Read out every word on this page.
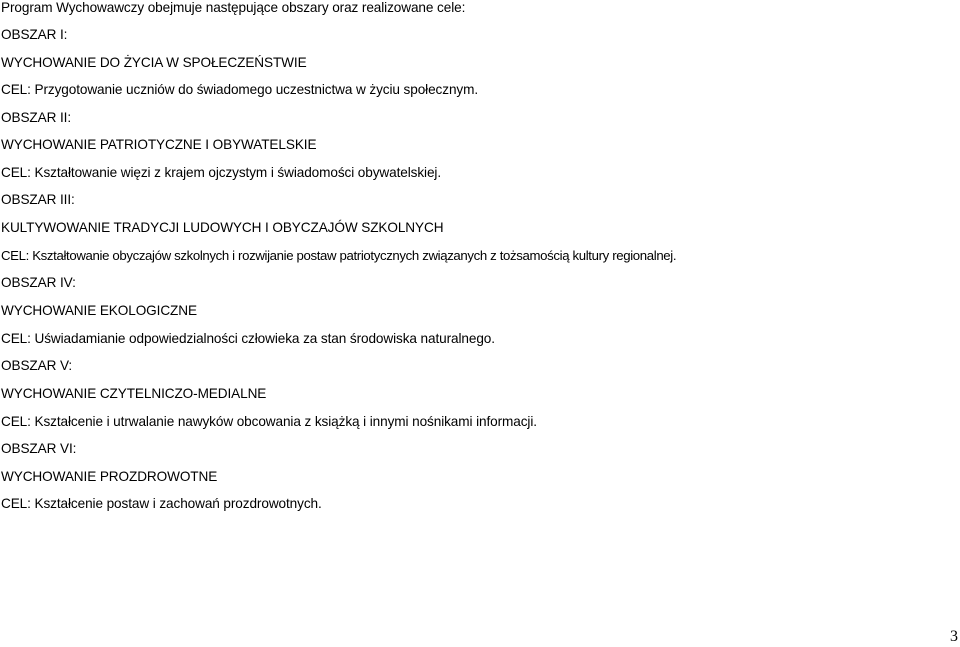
Program Wychowawczy obejmuje następujące obszary oraz realizowane cele:
OBSZAR I:
WYCHOWANIE DO ŻYCIA W SPOŁECZEŃSTWIE
CEL: Przygotowanie uczniów do świadomego uczestnictwa w życiu społecznym.
OBSZAR II:
WYCHOWANIE PATRIOTYCZNE I OBYWATELSKIE
CEL: Kształtowanie więzi z krajem ojczystym i świadomości obywatelskiej.
OBSZAR III:
KULTYWOWANIE TRADYCJI LUDOWYCH I OBYCZAJÓW SZKOLNYCH
CEL: Kształtowanie obyczajów szkolnych i rozwijanie postaw patriotycznych związanych z tożsamością kultury regionalnej.
OBSZAR IV:
WYCHOWANIE EKOLOGICZNE
CEL: Uświadamianie odpowiedzialności człowieka za stan środowiska naturalnego.
OBSZAR V:
WYCHOWANIE CZYTELNICZO-MEDIALNE
CEL: Kształcenie i utrwalanie nawyków obcowania z książką i innymi nośnikami informacji.
OBSZAR VI:
WYCHOWANIE PROZDROWOTNE
CEL: Kształcenie postaw i zachowań prozdrowotnych.
3
